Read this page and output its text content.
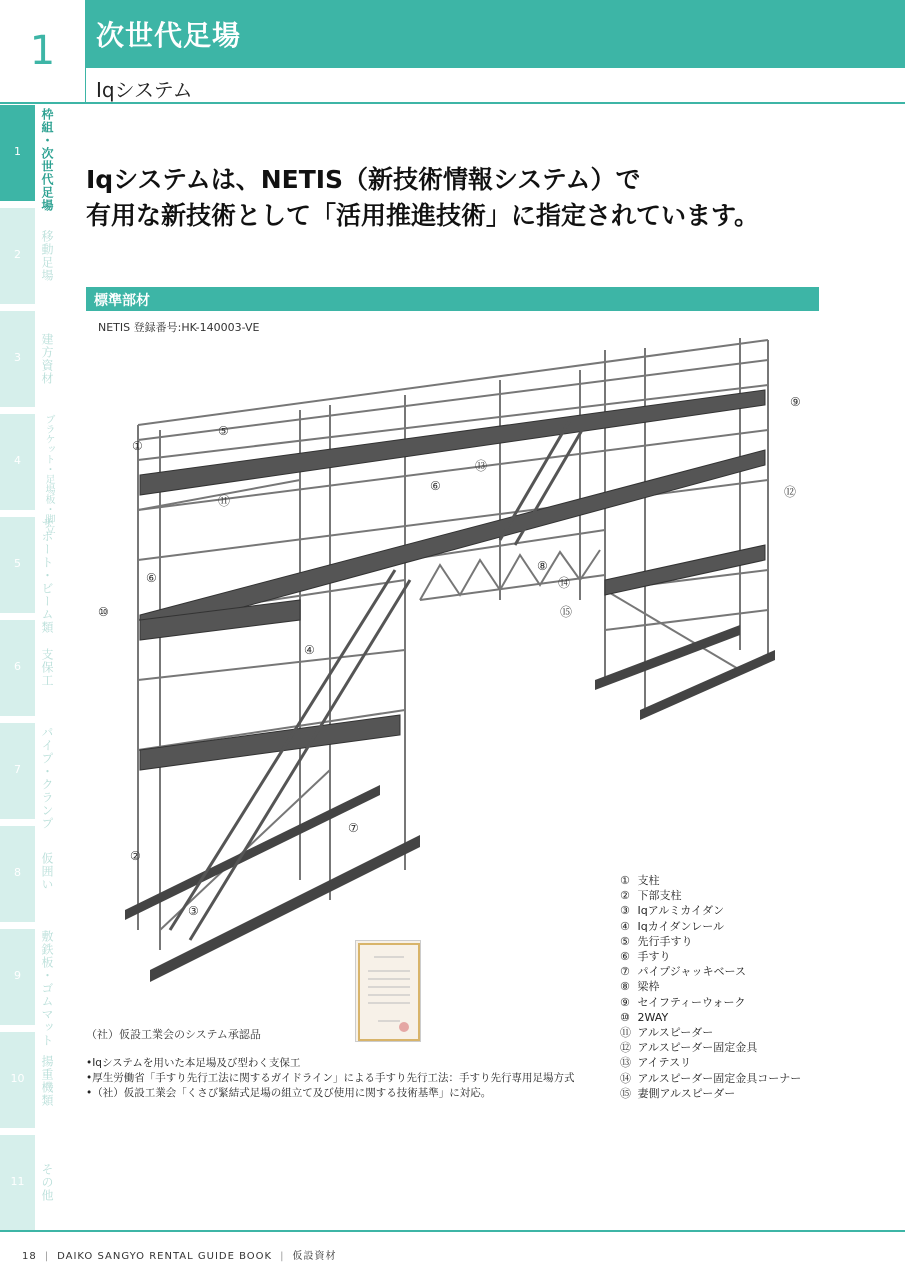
1	次世代足場
Iqシステム
1	枠組・次世代足場
2	移動足場
3	建方資材
4	ブラケット・足場板・脚立
5	サポート・ビーム類
6	支保工
7	パイプ・クランプ
8	仮囲い
9	敷鉄板・ゴムマット
10	揚重機類
11	その他
Iqシステムは、NETIS（新技術情報システム）で
有用な新技術として「活用推進技術」に指定されています。
標準部材
NETIS 登録番号:HK-140003-VE
①
⑤
⑪
⑥
⑬
⑨
⑫
⑥
⑩
④
⑧
⑭
⑮
②
⑦
③
（社）仮設工業会のシステム承認品
•Iqシステムを用いた本足場及び型わく支保工
•厚生労働省「手すり先行工法に関するガイドライン」による手すり先行工法：手すり先行専用足場方式
•（社）仮設工業会「くさび緊結式足場の組立て及び使用に関する技術基準」に対応。
① 支柱
② 下部支柱
③ Iqアルミカイダン
④ Iqカイダンレール
⑤ 先行手すり
⑥ 手すり
⑦ パイプジャッキベース
⑧ 梁枠
⑨ セイフティーウォーク
⑩ 2WAY
⑪ アルスピーダー
⑫ アルスピーダー固定金具
⑬ アイテスリ
⑭ アルスピーダー固定金具コーナー
⑮ 妻側アルスピーダー
18 | DAIKO SANGYO RENTAL GUIDE BOOK | 仮設資材
